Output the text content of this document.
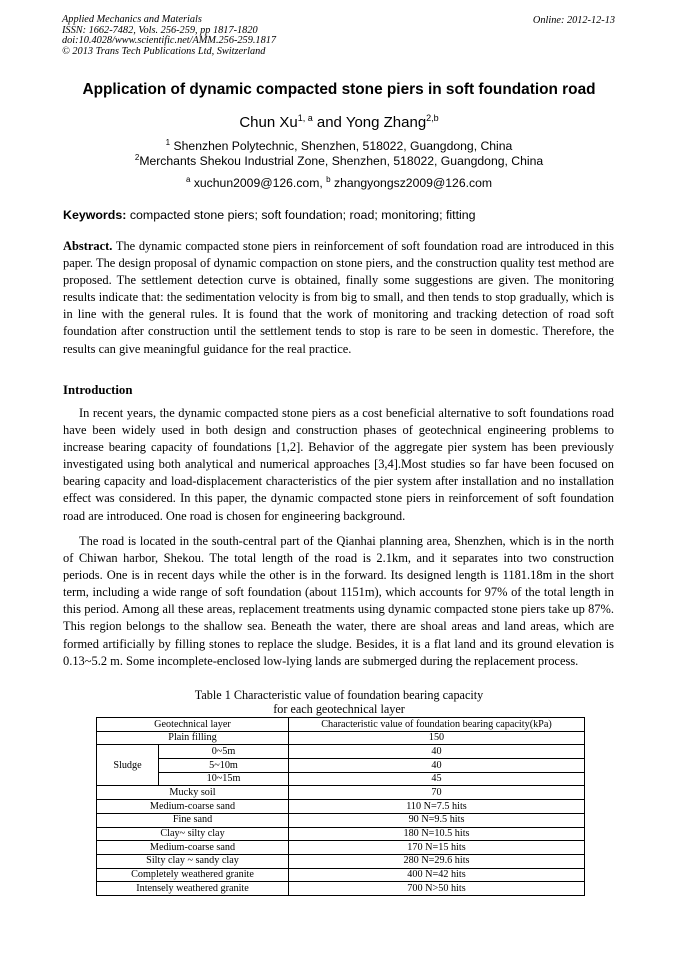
Applied Mechanics and Materials
ISSN: 1662-7482, Vols. 256-259, pp 1817-1820
doi:10.4028/www.scientific.net/AMM.256-259.1817
© 2013 Trans Tech Publications Ltd, Switzerland
Online: 2012-12-13
Application of dynamic compacted stone piers in soft foundation road
Chun Xu$^{1, a}$ and Yong Zhang$^{2,b}$
$^1$ Shenzhen Polytechnic, Shenzhen, 518022, Guangdong, China
$^2$Merchants Shekou Industrial Zone, Shenzhen, 518022, Guangdong, China
$^a$ xuchun2009@126.com, $^b$ zhangyongsz2009@126.com
Keywords: compacted stone piers; soft foundation; road; monitoring; fitting
Abstract. The dynamic compacted stone piers in reinforcement of soft foundation road are introduced in this paper. The design proposal of dynamic compaction on stone piers, and the construction quality test method are proposed. The settlement detection curve is obtained, finally some suggestions are given. The monitoring results indicate that: the sedimentation velocity is from big to small, and then tends to stop gradually, which is in line with the general rules. It is found that the work of monitoring and tracking detection of road soft foundation after construction until the settlement tends to stop is rare to be seen in domestic. Therefore, the results can give meaningful guidance for the real practice.
Introduction
In recent years, the dynamic compacted stone piers as a cost beneficial alternative to soft foundations road have been widely used in both design and construction phases of geotechnical engineering problems to increase bearing capacity of foundations [1,2]. Behavior of the aggregate pier system has been previously investigated using both analytical and numerical approaches [3,4].Most studies so far have been focused on bearing capacity and load-displacement characteristics of the pier system after installation and no installation effect was considered. In this paper, the dynamic compacted stone piers in reinforcement of soft foundation road are introduced. One road is chosen for engineering background.
The road is located in the south-central part of the Qianhai planning area, Shenzhen, which is in the north of Chiwan harbor, Shekou. The total length of the road is 2.1km, and it separates into two construction periods. One is in recent days while the other is in the forward. Its designed length is 1181.18m in the short term, including a wide range of soft foundation (about 1151m), which accounts for 97% of the total length in this period. Among all these areas, replacement treatments using dynamic compacted stone piers take up 87%. This region belongs to the shallow sea. Beneath the water, there are shoal areas and land areas, which are formed artificially by filling stones to replace the sludge. Besides, it is a flat land and its ground elevation is 0.13~5.2 m. Some incomplete-enclosed low-lying lands are submerged during the replacement process.
Table 1 Characteristic value of foundation bearing capacity
for each geotechnical layer
Geotechnical layer		Characteristic value of foundation bearing capacity(kPa)
Plain filling		150
Sludge	0~5m	40
	5~10m	40
	10~15m	45
Mucky soil		70
Medium-coarse sand		110 N=7.5 hits
Fine sand		90 N=9.5 hits
Clay~ silty clay		180 N=10.5 hits
Medium-coarse sand		170 N=15 hits
Silty clay ~ sandy clay		280 N=29.6 hits
Completely weathered granite		400 N=42 hits
Intensely weathered granite		700 N>50 hits
